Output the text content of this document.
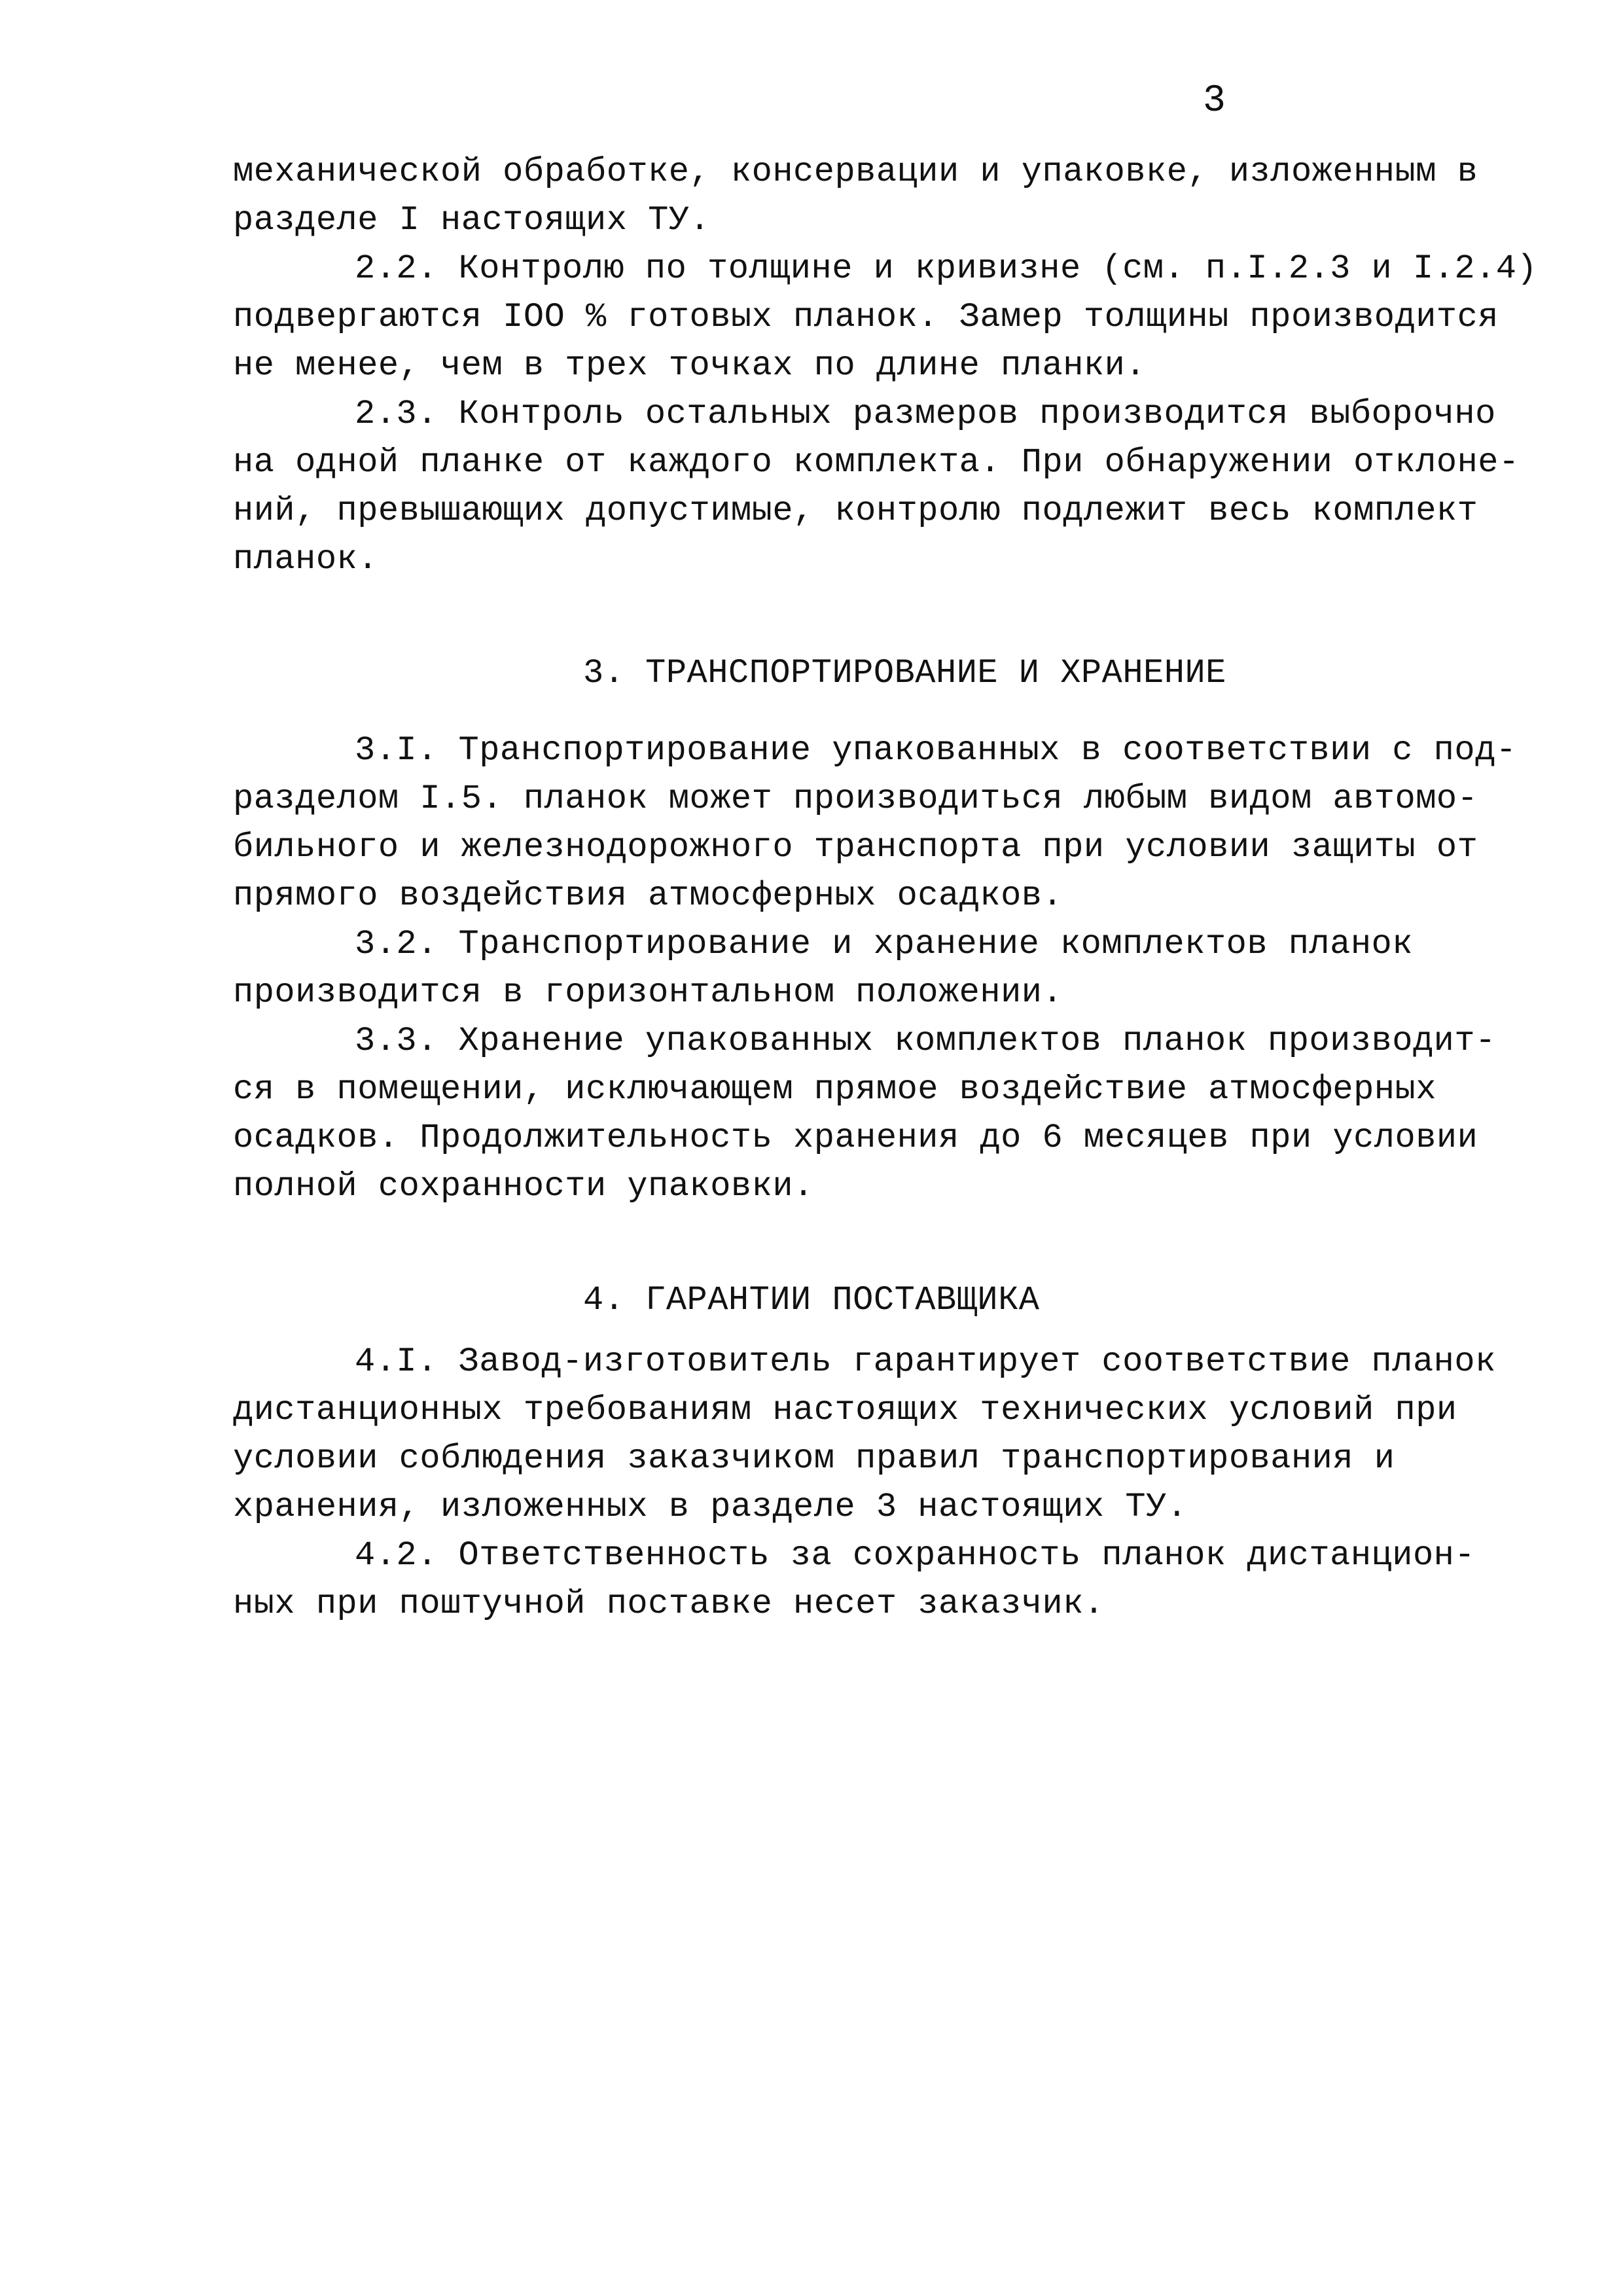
3
механической обработке, консервации и упаковке, изложенным в
разделе I настоящих ТУ.
2.2. Контролю по толщине и кривизне (см. п.I.2.3 и I.2.4)
подвергаются IOO % готовых планок. Замер толщины производится
не менее, чем в трех точках по длине планки.
2.3. Контроль остальных размеров производится выборочно
на одной планке от каждого комплекта. При обнаружении отклоне-
ний, превышающих допустимые, контролю подлежит весь комплект
планок.
3. ТРАНСПОРТИРОВАНИЕ И ХРАНЕНИЕ
3.I. Транспортирование упакованных в соответствии с под-
разделом I.5. планок может производиться любым видом автомо-
бильного и железнодорожного транспорта при условии защиты от
прямого воздействия атмосферных осадков.
3.2. Транспортирование и хранение комплектов планок
производится в горизонтальном положении.
3.3. Хранение упакованных комплектов планок производит-
ся в помещении, исключающем прямое воздействие атмосферных
осадков. Продолжительность хранения до 6 месяцев при условии
полной сохранности упаковки.
4. ГАРАНТИИ ПОСТАВЩИКА
4.I. Завод-изготовитель гарантирует соответствие планок
дистанционных требованиям настоящих технических условий при
условии соблюдения заказчиком правил транспортирования и
хранения, изложенных в разделе 3 настоящих ТУ.
4.2. Ответственность за сохранность планок дистанцион-
ных при поштучной поставке несет заказчик.
